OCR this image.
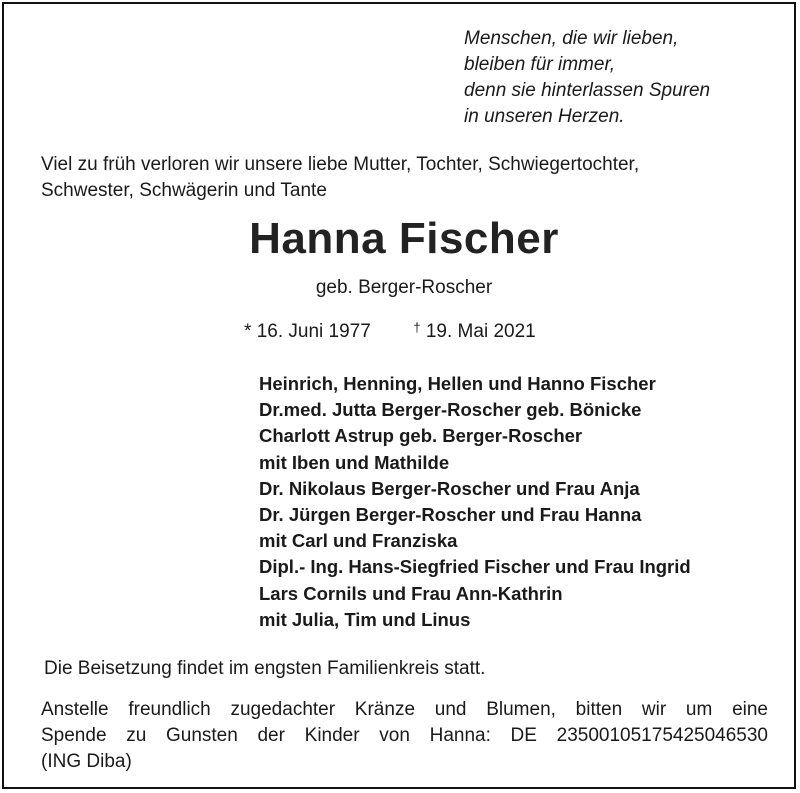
Menschen, die wir lieben,
bleiben für immer,
denn sie hinterlassen Spuren
in unseren Herzen.
Viel zu früh verloren wir unsere liebe Mutter, Tochter, Schwiegertochter,
Schwester, Schwägerin und Tante
Hanna Fischer
geb. Berger-Roscher
* 16. Juni 1977	† 19. Mai 2021
Heinrich, Henning, Hellen und Hanno Fischer
Dr.med. Jutta Berger-Roscher geb. Bönicke
Charlott Astrup geb. Berger-Roscher
mit Iben und Mathilde
Dr. Nikolaus Berger-Roscher und Frau Anja
Dr. Jürgen Berger-Roscher und Frau Hanna
mit Carl und Franziska
Dipl.- Ing. Hans-Siegfried Fischer und Frau Ingrid
Lars Cornils und Frau Ann-Kathrin
mit Julia, Tim und Linus
Die Beisetzung findet im engsten Familienkreis statt.
Anstelle freundlich zugedachter Kränze und Blumen, bitten wir um eine
Spende zu Gunsten der Kinder von Hanna: DE 23500105175425046530
(ING Diba)
